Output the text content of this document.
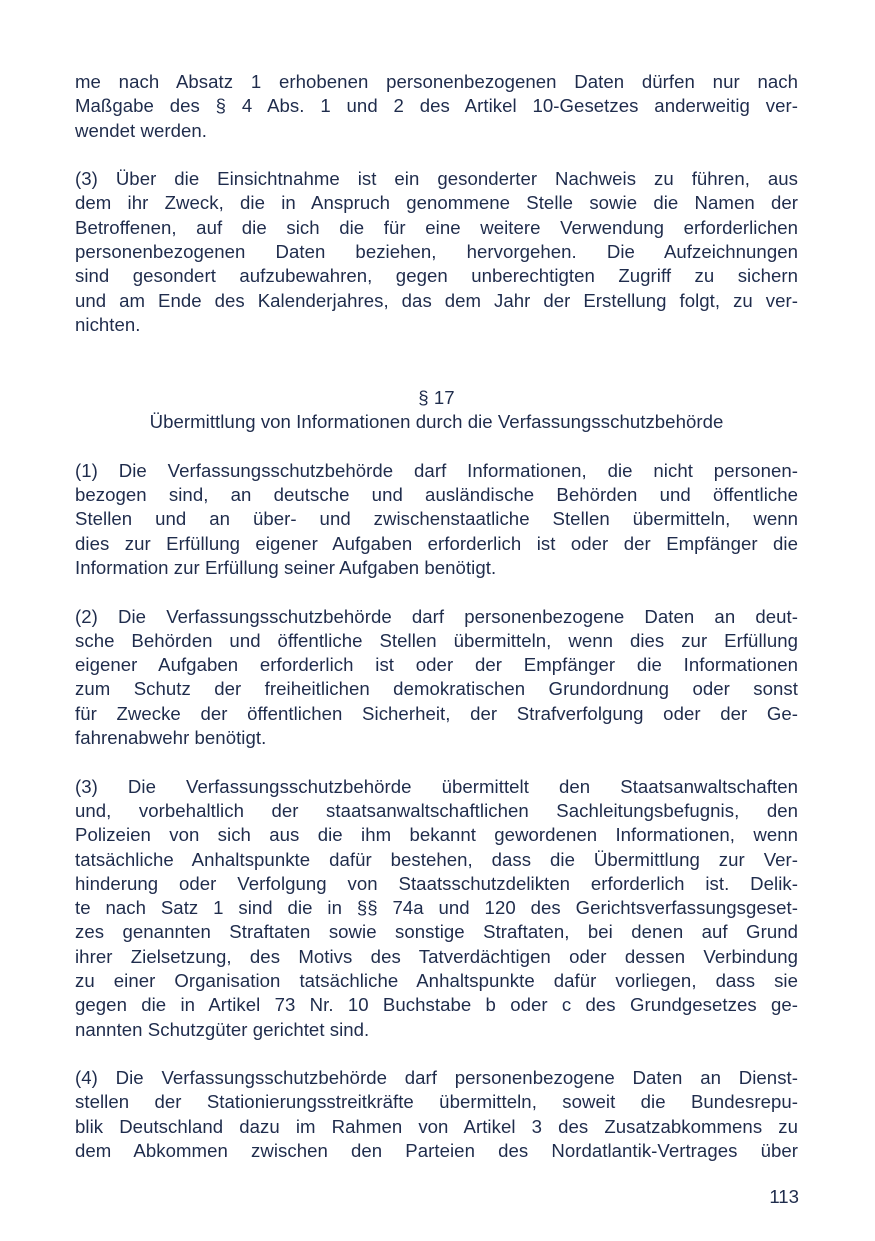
me nach Absatz 1 erhobenen personenbezogenen Daten dürfen nur nach
Maßgabe des § 4 Abs. 1 und 2 des Artikel 10-Gesetzes anderweitig ver-
wendet werden.
(3) Über die Einsichtnahme ist ein gesonderter Nachweis zu führen, aus
dem ihr Zweck, die in Anspruch genommene Stelle sowie die Namen der
Betroffenen, auf die sich die für eine weitere Verwendung erforderlichen
personenbezogenen Daten beziehen, hervorgehen. Die Aufzeichnungen
sind gesondert aufzubewahren, gegen unberechtigten Zugriff zu sichern
und am Ende des Kalenderjahres, das dem Jahr der Erstellung folgt, zu ver-
nichten.
§ 17
Übermittlung von Informationen durch die Verfassungsschutzbehörde
(1) Die Verfassungsschutzbehörde darf Informationen, die nicht personen-
bezogen sind, an deutsche und ausländische Behörden und öffentliche
Stellen und an über- und zwischenstaatliche Stellen übermitteln, wenn
dies zur Erfüllung eigener Aufgaben erforderlich ist oder der Empfänger die
Information zur Erfüllung seiner Aufgaben benötigt.
(2) Die Verfassungsschutzbehörde darf personenbezogene Daten an deut-
sche Behörden und öffentliche Stellen übermitteln, wenn dies zur Erfüllung
eigener Aufgaben erforderlich ist oder der Empfänger die Informationen
zum Schutz der freiheitlichen demokratischen Grundordnung oder sonst
für Zwecke der öffentlichen Sicherheit, der Strafverfolgung oder der Ge-
fahrenabwehr benötigt.
(3) Die Verfassungsschutzbehörde übermittelt den Staatsanwaltschaften
und, vorbehaltlich der staatsanwaltschaftlichen Sachleitungsbefugnis, den
Polizeien von sich aus die ihm bekannt gewordenen Informationen, wenn
tatsächliche Anhaltspunkte dafür bestehen, dass die Übermittlung zur Ver-
hinderung oder Verfolgung von Staatsschutzdelikten erforderlich ist. Delik-
te nach Satz 1 sind die in §§ 74a und 120 des Gerichtsverfassungsgeset-
zes genannten Straftaten sowie sonstige Straftaten, bei denen auf Grund
ihrer Zielsetzung, des Motivs des Tatverdächtigen oder dessen Verbindung
zu einer Organisation tatsächliche Anhaltspunkte dafür vorliegen, dass sie
gegen die in Artikel 73 Nr. 10 Buchstabe b oder c des Grundgesetzes ge-
nannten Schutzgüter gerichtet sind.
(4) Die Verfassungsschutzbehörde darf personenbezogene Daten an Dienst-
stellen der Stationierungsstreitkräfte übermitteln, soweit die Bundesrepu-
blik Deutschland dazu im Rahmen von Artikel 3 des Zusatzabkommens zu
dem Abkommen zwischen den Parteien des Nordatlantik-Vertrages über
113
